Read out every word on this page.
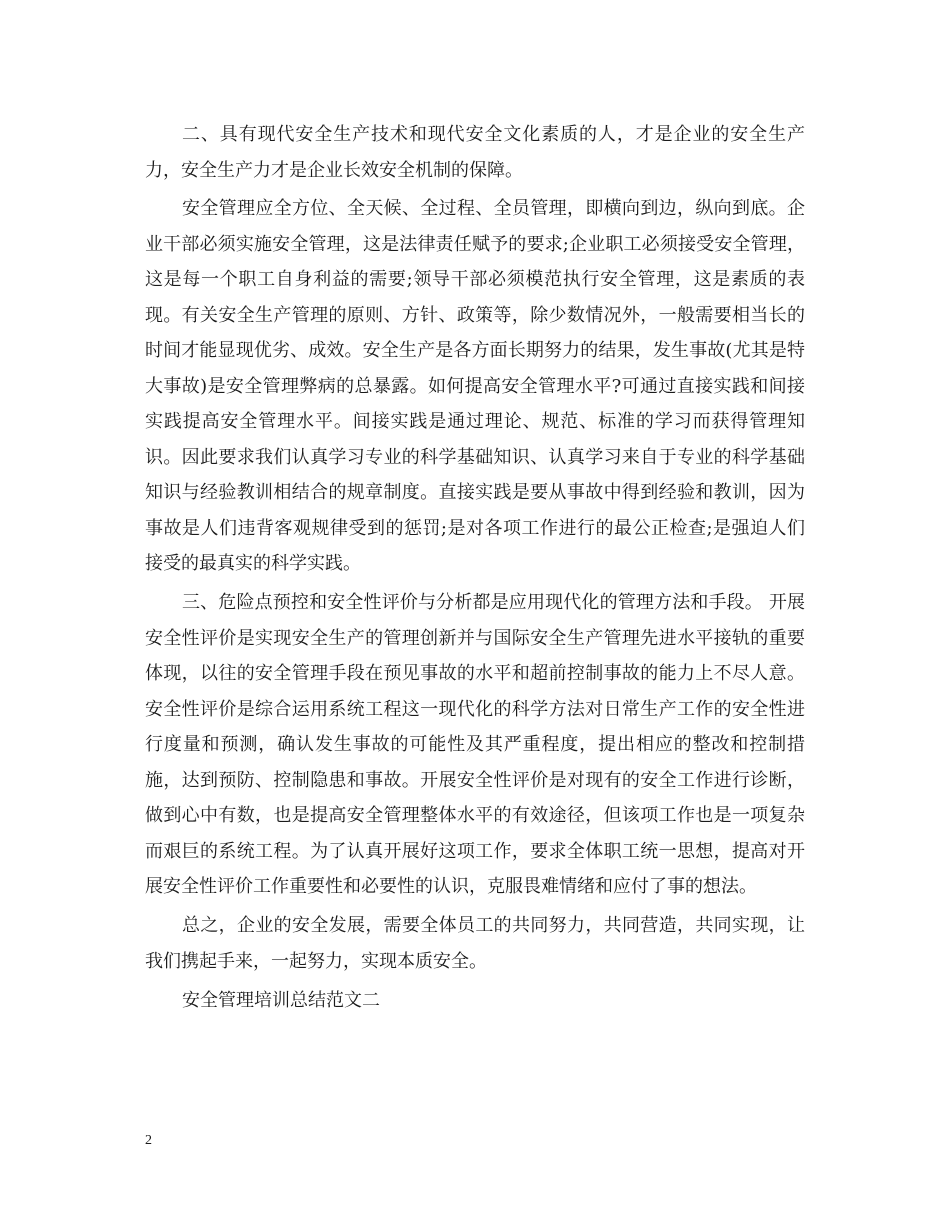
二、具有现代安全生产技术和现代安全文化素质的人，才是企业的安全生产力，安全生产力才是企业长效安全机制的保障。

安全管理应全方位、全天候、全过程、全员管理，即横向到边，纵向到底。企业干部必须实施安全管理，这是法律责任赋予的要求;企业职工必须接受安全管理，这是每一个职工自身利益的需要;领导干部必须模范执行安全管理，这是素质的表现。有关安全生产管理的原则、方针、政策等，除少数情况外，一般需要相当长的时间才能显现优劣、成效。安全生产是各方面长期努力的结果，发生事故(尤其是特大事故)是安全管理弊病的总暴露。如何提高安全管理水平?可通过直接实践和间接实践提高安全管理水平。间接实践是通过理论、规范、标准的学习而获得管理知识。因此要求我们认真学习专业的科学基础知识、认真学习来自于专业的科学基础知识与经验教训相结合的规章制度。直接实践是要从事故中得到经验和教训，因为事故是人们违背客观规律受到的惩罚;是对各项工作进行的最公正检查;是强迫人们接受的最真实的科学实践。

三、危险点预控和安全性评价与分析都是应用现代化的管理方法和手段。 开展安全性评价是实现安全生产的管理创新并与国际安全生产管理先进水平接轨的重要体现，以往的安全管理手段在预见事故的水平和超前控制事故的能力上不尽人意。安全性评价是综合运用系统工程这一现代化的科学方法对日常生产工作的安全性进行度量和预测，确认发生事故的可能性及其严重程度，提出相应的整改和控制措施，达到预防、控制隐患和事故。开展安全性评价是对现有的安全工作进行诊断，做到心中有数，也是提高安全管理整体水平的有效途径，但该项工作也是一项复杂而艰巨的系统工程。为了认真开展好这项工作，要求全体职工统一思想，提高对开展安全性评价工作重要性和必要性的认识，克服畏难情绪和应付了事的想法。

总之，企业的安全发展，需要全体员工的共同努力，共同营造，共同实现，让我们携起手来，一起努力，实现本质安全。

安全管理培训总结范文二

2
